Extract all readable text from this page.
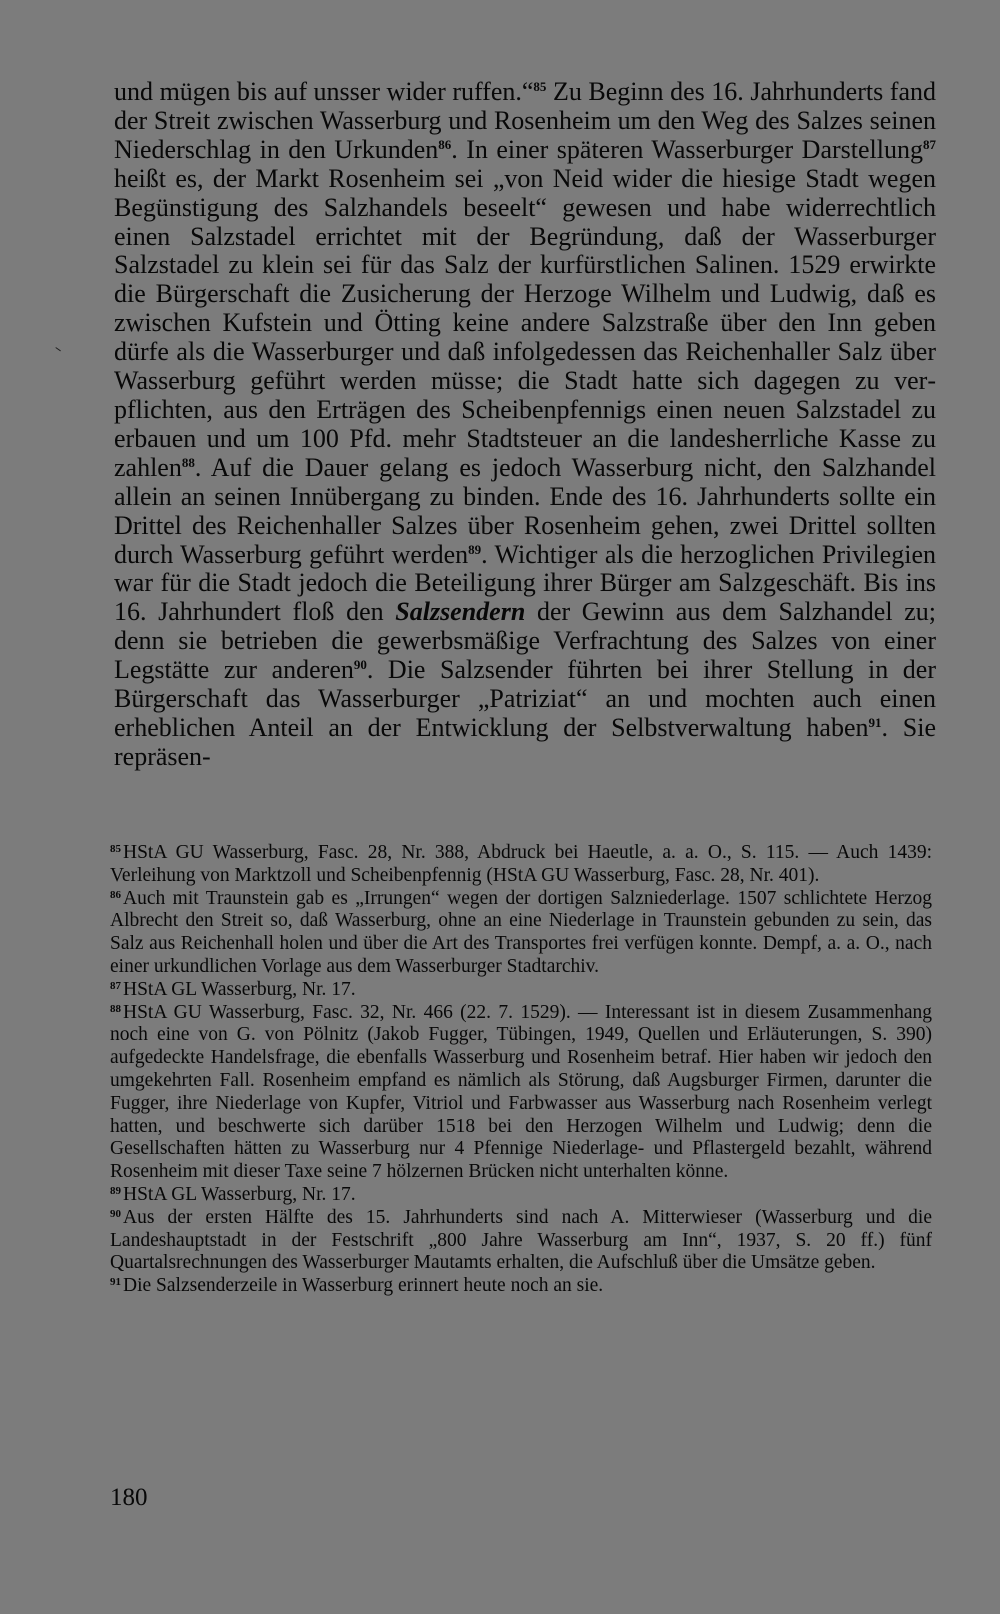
und mügen bis auf unsser wider ruffen.“$^{85}$ Zu Beginn des 16. Jahrhunderts fand der Streit zwischen Wasserburg und Rosenheim um den Weg des Salzes seinen Niederschlag in den Urkunden$^{86}$. In einer späteren Wasserburger Darstellung$^{87}$ heißt es, der Markt Rosenheim sei „von Neid wider die hiesige Stadt wegen Begünstigung des Salzhandels beseelt“ gewesen und habe widerrechtlich einen Salzstadel errichtet mit der Begründung, daß der Wasserburger Salzstadel zu klein sei für das Salz der kurfürstlichen Salinen. 1529 erwirkte die Bürgerschaft die Zusicherung der Herzoge Wilhelm und Ludwig, daß es zwischen Kufstein und Ötting keine andere Salzstraße über den Inn geben dürfe als die Wasserburger und daß infolgedessen das Reichenhaller Salz über Wasserburg geführt werden müsse; die Stadt hatte sich dagegen zu verpflichten, aus den Erträgen des Scheibenpfennigs einen neuen Salzstadel zu erbauen und um 100 Pfd. mehr Stadtsteuer an die landesherrliche Kasse zu zahlen$^{88}$. Auf die Dauer gelang es jedoch Wasserburg nicht, den Salzhandel allein an seinen Innübergang zu binden. Ende des 16. Jahrhunderts sollte ein Drittel des Reichenhaller Salzes über Rosenheim gehen, zwei Drittel sollten durch Wasserburg geführt werden$^{89}$. Wichtiger als die herzoglichen Privilegien war für die Stadt jedoch die Beteiligung ihrer Bürger am Salzgeschäft. Bis ins 16. Jahrhundert floß den Salzsendern der Gewinn aus dem Salzhandel zu; denn sie betrieben die gewerbsmäßige Verfrachtung des Salzes von einer Legstätte zur anderen$^{90}$. Die Salzsender führten bei ihrer Stellung in der Bürgerschaft das Wasserburger „Patriziat“ an und mochten auch einen erheblichen Anteil an der Entwicklung der Selbstverwaltung haben$^{91}$. Sie repräsen-

$^{85}$ HStA GU Wasserburg, Fasc. 28, Nr. 388, Abdruck bei Haeutle, a. a. O., S. 115. — Auch 1439: Verleihung von Marktzoll und Scheibenpfennig (HStA GU Wasserburg, Fasc. 28, Nr. 401).

$^{86}$ Auch mit Traunstein gab es „Irrungen“ wegen der dortigen Salzniederlage. 1507 schlichtete Herzog Albrecht den Streit so, daß Wasserburg, ohne an eine Niederlage in Traunstein gebunden zu sein, das Salz aus Reichenhall holen und über die Art des Transportes frei verfügen konnte. Dempf, a. a. O., nach einer urkundlichen Vorlage aus dem Wasserburger Stadtarchiv.

$^{87}$ HStA GL Wasserburg, Nr. 17.

$^{88}$ HStA GU Wasserburg, Fasc. 32, Nr. 466 (22. 7. 1529). — Interessant ist in diesem Zusammenhang noch eine von G. von Pölnitz (Jakob Fugger, Tübingen, 1949, Quellen und Erläuterungen, S. 390) aufgedeckte Handelsfrage, die ebenfalls Wasserburg und Rosenheim betraf. Hier haben wir jedoch den umgekehrten Fall. Rosenheim empfand es nämlich als Störung, daß Augsburger Firmen, darunter die Fugger, ihre Niederlage von Kupfer, Vitriol und Farbwasser aus Wasserburg nach Rosenheim verlegt hatten, und beschwerte sich darüber 1518 bei den Herzogen Wilhelm und Ludwig; denn die Gesellschaften hätten zu Wasserburg nur 4 Pfennige Niederlage- und Pflastergeld bezahlt, während Rosenheim mit dieser Taxe seine 7 hölzernen Brücken nicht unterhalten könne.

$^{89}$ HStA GL Wasserburg, Nr. 17.

$^{90}$ Aus der ersten Hälfte des 15. Jahrhunderts sind nach A. Mitterwieser (Wasserburg und die Landeshauptstadt in der Festschrift „800 Jahre Wasserburg am Inn“, 1937, S. 20 ff.) fünf Quartalsrechnungen des Wasserburger Mautamts erhalten, die Aufschluß über die Umsätze geben.

$^{91}$ Die Salzsenderzeile in Wasserburg erinnert heute noch an sie.

180
